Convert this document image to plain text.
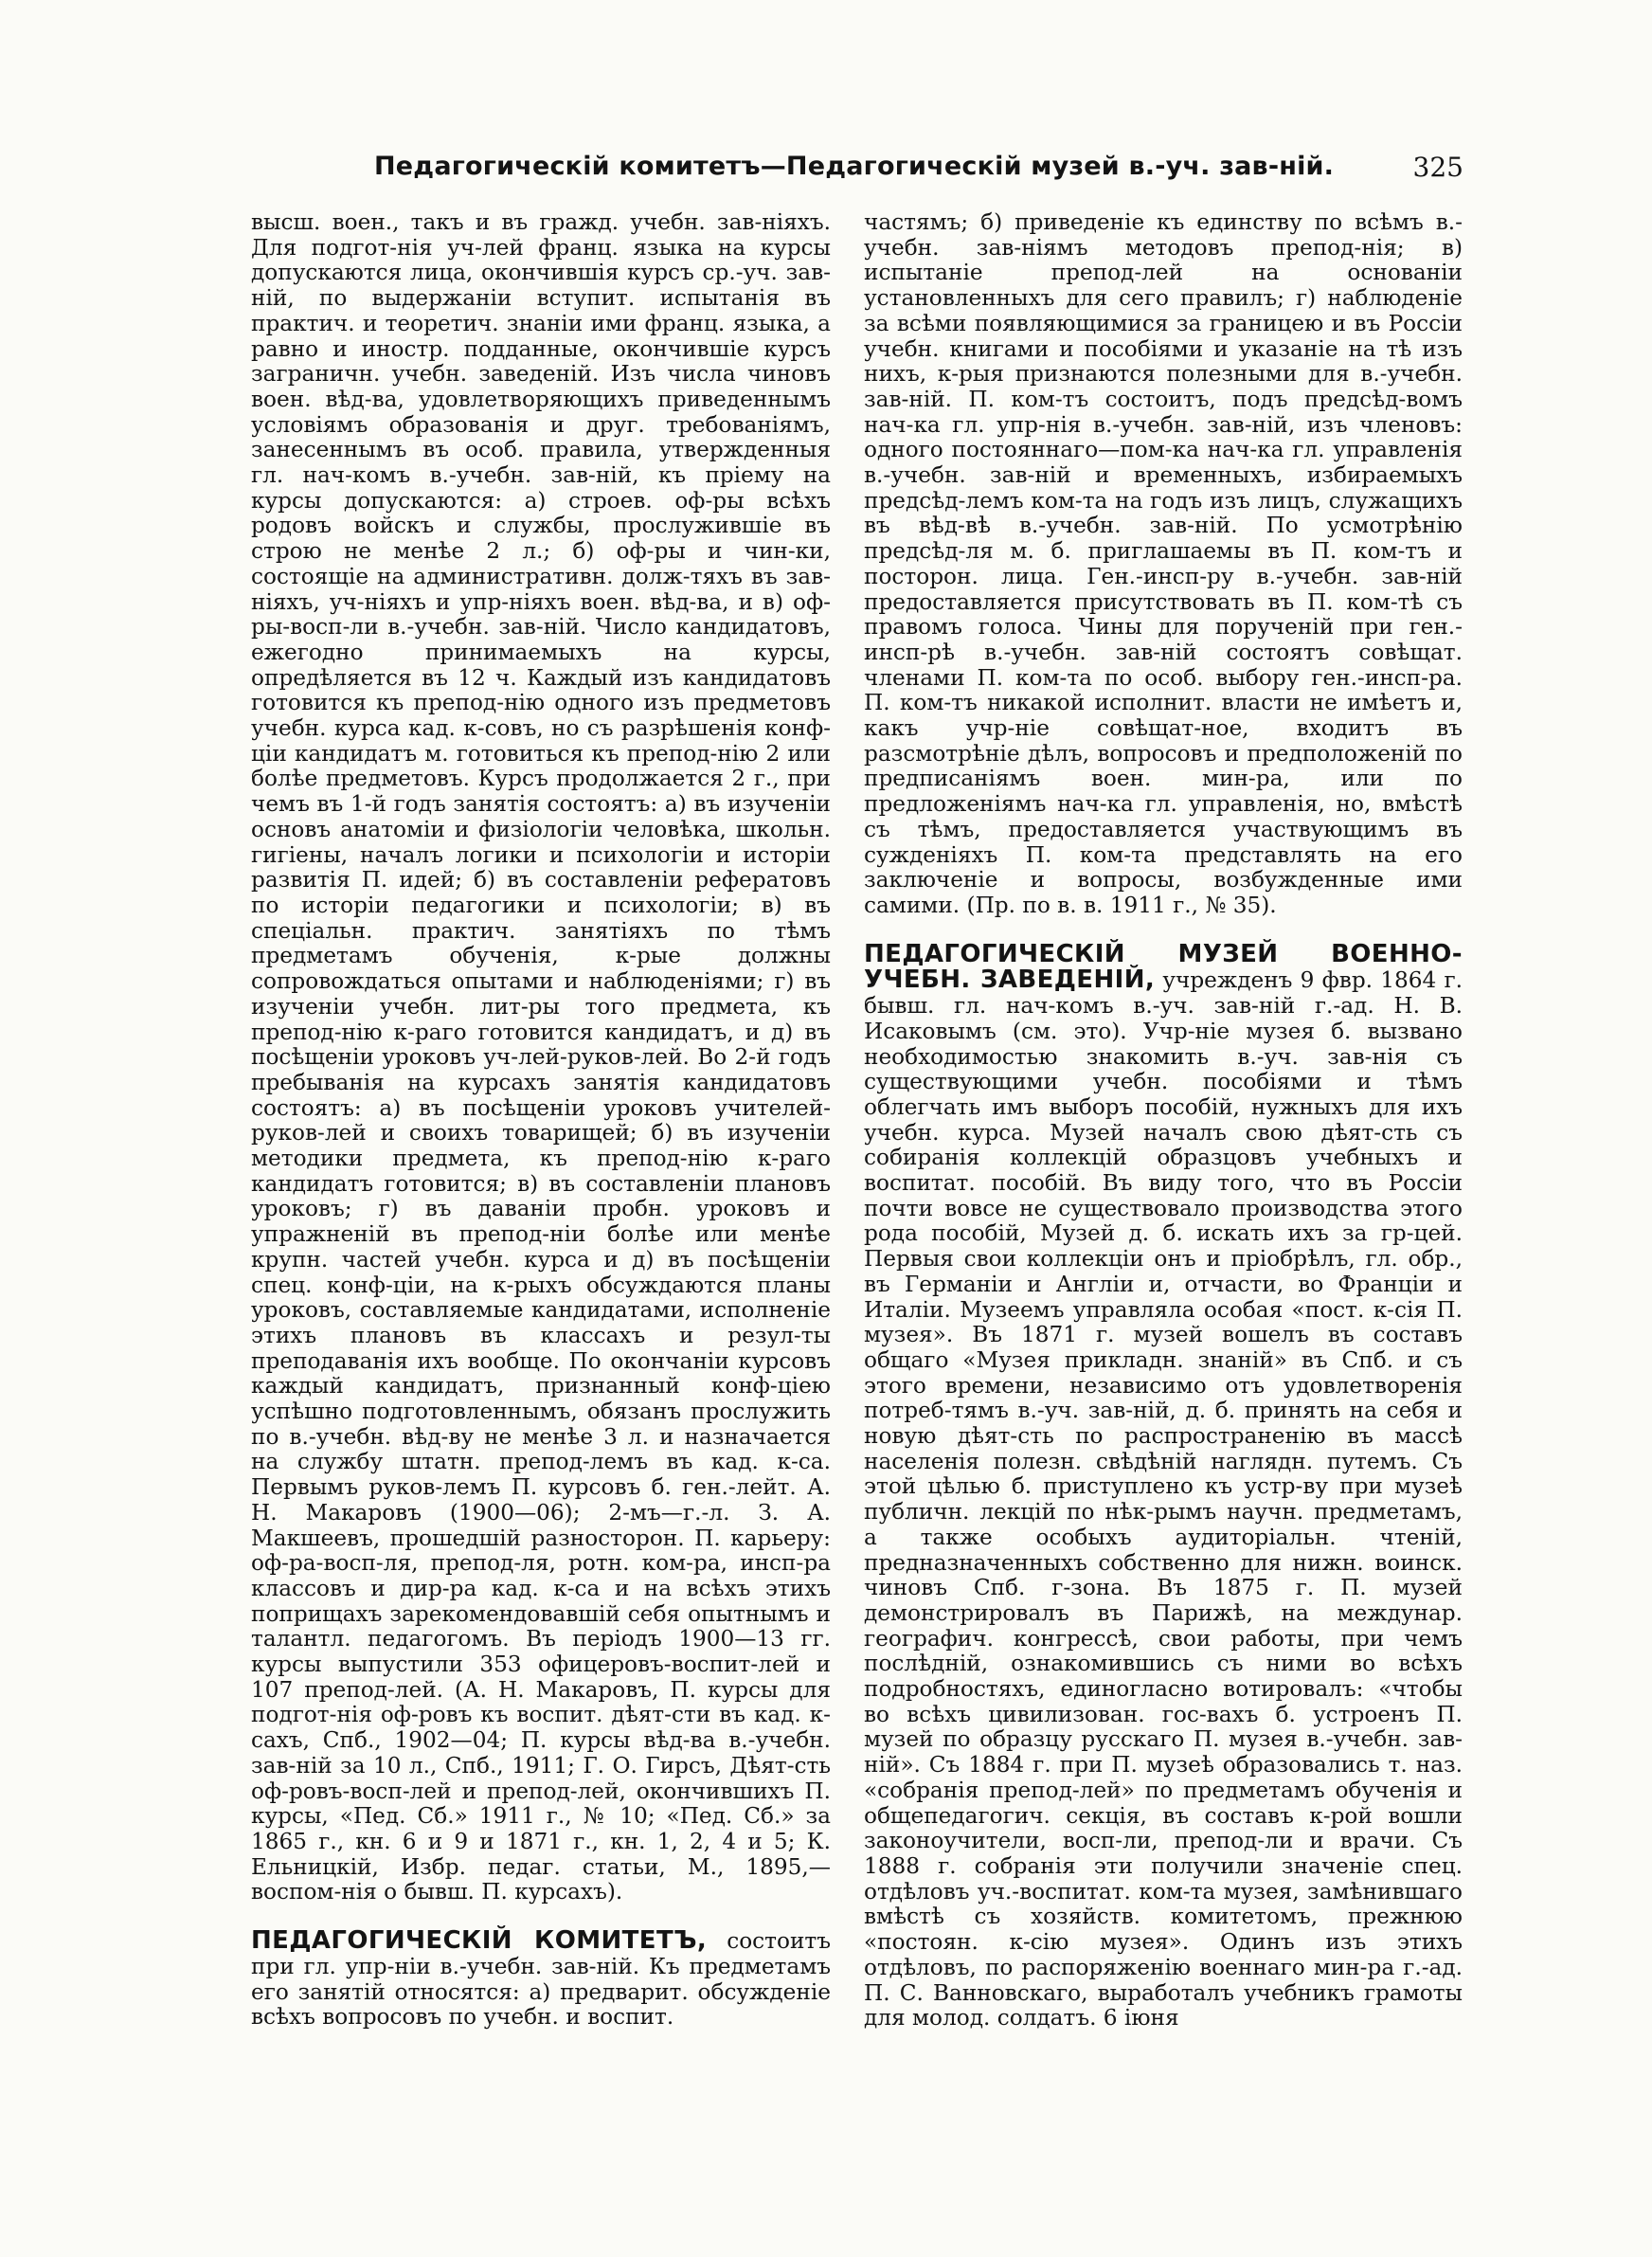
Педагогическій комитетъ—Педагогическій музей в.-уч. зав-ній.	325

высш. воен., такъ и въ гражд. учебн. зав-ніяхъ. Для подгот-нія уч-лей франц. языка на курсы допускаются лица, окончившія курсъ ср.-уч. зав-ній, по выдержаніи вступит. испытанія въ практич. и теоретич. знаніи ими франц. языка, а равно и иностр. подданные, окончившіе курсъ заграничн. учебн. заведеній. Изъ числа чиновъ воен. вѣд-ва, удовлетворяющихъ приведеннымъ условіямъ образованія и друг. требованіямъ, занесеннымъ въ особ. правила, утвержденныя гл. нач-комъ в.-учебн. зав-ній, къ пріему на курсы допускаются: а) строев. оф-ры всѣхъ родовъ войскъ и службы, прослужившіе въ строю не менѣе 2 л.; б) оф-ры и чин-ки, состоящіе на административн. долж-тяхъ въ зав-ніяхъ, уч-ніяхъ и упр-ніяхъ воен. вѣд-ва, и в) оф-ры-восп-ли в.-учебн. зав-ній. Число кандидатовъ, ежегодно принимаемыхъ на курсы, опредѣляется въ 12 ч. Каждый изъ кандидатовъ готовится къ препод-нію одного изъ предметовъ учебн. курса кад. к-совъ, но съ разрѣшенія конф-ціи кандидатъ м. готовиться къ препод-нію 2 или болѣе предметовъ. Курсъ продолжается 2 г., при чемъ въ 1-й годъ занятія состоятъ: а) въ изученіи основъ анатоміи и физіологіи человѣка, школьн. гигіены, началъ логики и психологіи и исторіи развитія П. идей; б) въ составленіи рефератовъ по исторіи педагогики и психологіи; в) въ спеціальн. практич. занятіяхъ по тѣмъ предметамъ обученія, к-рые должны сопровождаться опытами и наблюденіями; г) въ изученіи учебн. лит-ры того предмета, къ препод-нію к-раго готовится кандидатъ, и д) въ посѣщеніи уроковъ уч-лей-руков-лей. Во 2-й годъ пребыванія на курсахъ занятія кандидатовъ состоятъ: а) въ посѣщеніи уроковъ учителей-руков-лей и своихъ товарищей; б) въ изученіи методики предмета, къ препод-нію к-раго кандидатъ готовится; в) въ составленіи плановъ уроковъ; г) въ даваніи пробн. уроковъ и упражненій въ препод-ніи болѣе или менѣе крупн. частей учебн. курса и д) въ посѣщеніи спец. конф-ціи, на к-рыхъ обсуждаются планы уроковъ, составляемые кандидатами, исполненіе этихъ плановъ въ классахъ и резул-ты преподаванія ихъ вообще. По окончаніи курсовъ каждый кандидатъ, признанный конф-ціею успѣшно подготовленнымъ, обязанъ прослужить по в.-учебн. вѣд-ву не менѣе 3 л. и назначается на службу штатн. препод-лемъ въ кад. к-са. Первымъ руков-лемъ П. курсовъ б. ген.-лейт. А. Н. Макаровъ (1900—06); 2-мъ—г.-л. З. А. Макшеевъ, прошедшій разносторон. П. карьеру: оф-ра-восп-ля, препод-ля, ротн. ком-ра, инсп-ра классовъ и дир-ра кад. к-са и на всѣхъ этихъ поприщахъ зарекомендовавшій себя опытнымъ и талантл. педагогомъ. Въ періодъ 1900—13 гг. курсы выпустили 353 офицеровъ-воспит-лей и 107 препод-лей. (А. Н. Макаровъ, П. курсы для подгот-нія оф-ровъ къ воспит. дѣят-сти въ кад. к-сахъ, Спб., 1902—04; П. курсы вѣд-ва в.-учебн. зав-ній за 10 л., Спб., 1911; Г. О. Гирсъ, Дѣят-сть оф-ровъ-восп-лей и препод-лей, окончившихъ П. курсы, «Пед. Сб.» 1911 г., № 10; «Пед. Сб.» за 1865 г., кн. 6 и 9 и 1871 г., кн. 1, 2, 4 и 5; К. Ельницкій, Избр. педаг. статьи, М., 1895,—воспом-нія о бывш. П. курсахъ).

ПЕДАГОГИЧЕСКІЙ КОМИТЕТЪ, состоитъ при гл. упр-ніи в.-учебн. зав-ній. Къ предметамъ его занятій относятся: а) предварит. обсужденіе всѣхъ вопросовъ по учебн. и воспит.

частямъ; б) приведеніе къ единству по всѣмъ в.-учебн. зав-ніямъ методовъ препод-нія; в) испытаніе препод-лей на основаніи установленныхъ для сего правилъ; г) наблюденіе за всѣми появляющимися за границею и въ Россіи учебн. книгами и пособіями и указаніе на тѣ изъ нихъ, к-рыя признаются полезными для в.-учебн. зав-ній. П. ком-тъ состоитъ, подъ предсѣд-вомъ нач-ка гл. упр-нія в.-учебн. зав-ній, изъ членовъ: одного постояннаго—пом-ка нач-ка гл. управленія в.-учебн. зав-ній и временныхъ, избираемыхъ предсѣд-лемъ ком-та на годъ изъ лицъ, служащихъ въ вѣд-вѣ в.-учебн. зав-ній. По усмотрѣнію предсѣд-ля м. б. приглашаемы въ П. ком-тъ и посторон. лица. Ген.-инсп-ру в.-учебн. зав-ній предоставляется присутствовать въ П. ком-тѣ съ правомъ голоса. Чины для порученій при ген.-инсп-рѣ в.-учебн. зав-ній состоятъ совѣщат. членами П. ком-та по особ. выбору ген.-инсп-ра. П. ком-тъ никакой исполнит. власти не имѣетъ и, какъ учр-ніе совѣщат-ное, входитъ въ разсмотрѣніе дѣлъ, вопросовъ и предположеній по предписаніямъ воен. мин-ра, или по предложеніямъ нач-ка гл. управленія, но, вмѣстѣ съ тѣмъ, предоставляется участвующимъ въ сужденіяхъ П. ком-та представлять на его заключеніе и вопросы, возбужденные ими самими. (Пр. по в. в. 1911 г., № 35).

ПЕДАГОГИЧЕСКІЙ МУЗЕЙ ВОЕННО-УЧЕБН. ЗАВЕДЕНІЙ, учрежденъ 9 фвр. 1864 г. бывш. гл. нач-комъ в.-уч. зав-ній г.-ад. Н. В. Исаковымъ (см. это). Учр-ніе музея б. вызвано необходимостью знакомить в.-уч. зав-нія съ существующими учебн. пособіями и тѣмъ облегчать имъ выборъ пособій, нужныхъ для ихъ учебн. курса. Музей началъ свою дѣят-сть съ собиранія коллекцій образцовъ учебныхъ и воспитат. пособій. Въ виду того, что въ Россіи почти вовсе не существовало производства этого рода пособій, Музей д. б. искать ихъ за гр-цей. Первыя свои коллекціи онъ и пріобрѣлъ, гл. обр., въ Германіи и Англіи и, отчасти, во Франціи и Италіи. Музеемъ управляла особая «пост. к-сія П. музея». Въ 1871 г. музей вошелъ въ составъ общаго «Музея прикладн. знаній» въ Спб. и съ этого времени, независимо отъ удовлетворенія потреб-тямъ в.-уч. зав-ній, д. б. принять на себя и новую дѣят-сть по распространенію въ массѣ населенія полезн. свѣдѣній наглядн. путемъ. Съ этой цѣлью б. приступлено къ устр-ву при музеѣ публичн. лекцій по нѣк-рымъ научн. предметамъ, а также особыхъ аудиторіальн. чтеній, предназначенныхъ собственно для нижн. воинск. чиновъ Спб. г-зона. Въ 1875 г. П. музей демонстрировалъ въ Парижѣ, на междунар. географич. конгрессѣ, свои работы, при чемъ послѣдній, ознакомившись съ ними во всѣхъ подробностяхъ, единогласно вотировалъ: «чтобы во всѣхъ цивилизован. гос-вахъ б. устроенъ П. музей по образцу русскаго П. музея в.-учебн. зав-ній». Съ 1884 г. при П. музеѣ образовались т. наз. «собранія препод-лей» по предметамъ обученія и общепедагогич. секція, въ составъ к-рой вошли законоучители, восп-ли, препод-ли и врачи. Съ 1888 г. собранія эти получили значеніе спец. отдѣловъ уч.-воспитат. ком-та музея, замѣнившаго вмѣстѣ съ хозяйств. комитетомъ, прежнюю «постоян. к-сію музея». Одинъ изъ этихъ отдѣловъ, по распоряженію военнаго мин-ра г.-ад. П. С. Ванновскаго, выработалъ учебникъ грамоты для молод. солдатъ. 6 іюня
